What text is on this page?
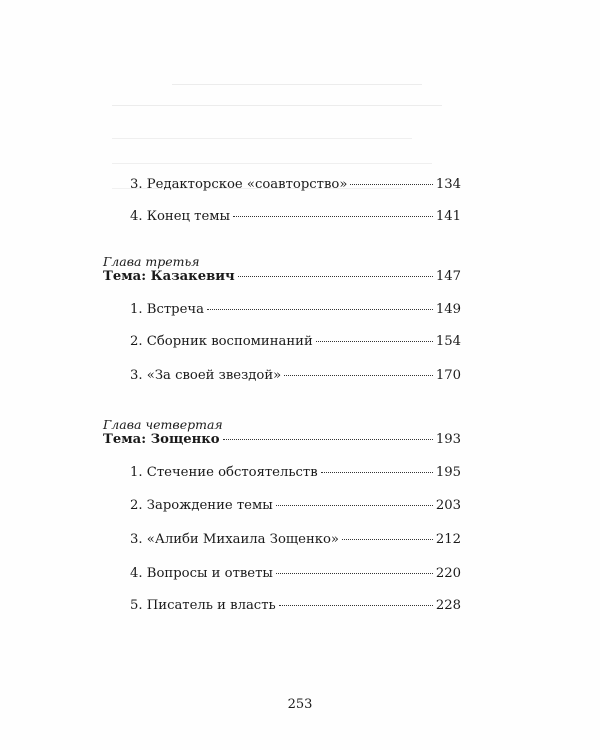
3. Редакторское «соавторство»	134
4. Конец темы	141
Глава третья
Тема: Казакевич	147
1. Встреча	149
2. Сборник воспоминаний	154
3. «За своей звездой»	170
Глава четвертая
Тема: Зощенко	193
1. Стечение обстоятельств	195
2. Зарождение темы	203
3. «Алиби Михаила Зощенко»	212
4. Вопросы и ответы	220
5. Писатель и власть	228
253
